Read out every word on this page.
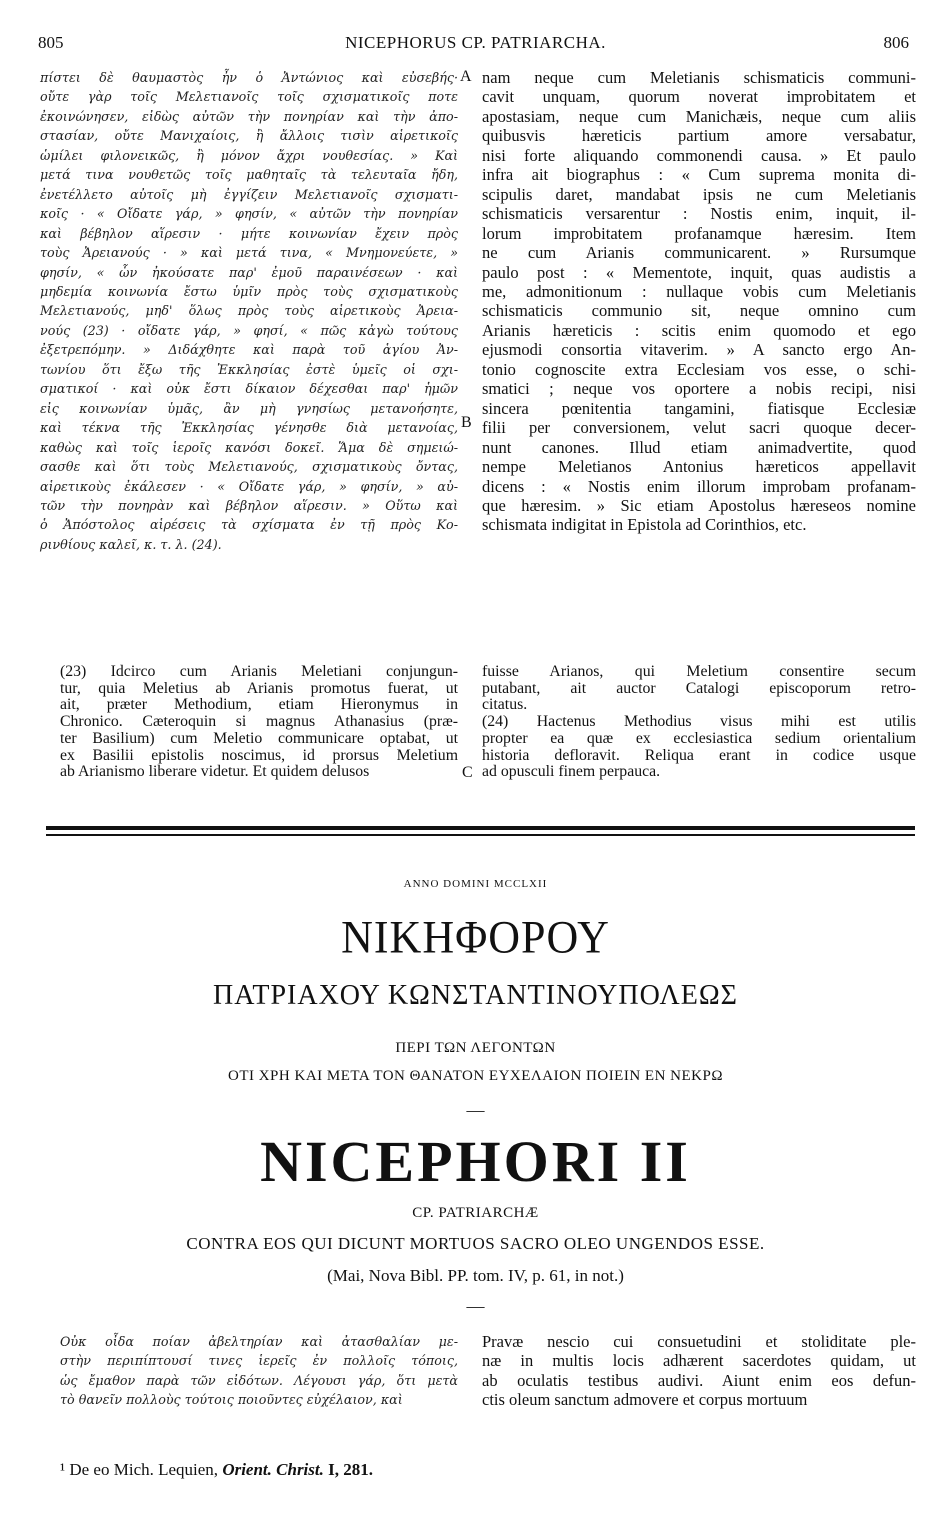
805	NICEPHORUS CP. PATRIARCHA.	806
πίστει δὲ θαυμαστὸς ἦν ὁ Ἀντώνιος καὶ εὐσεβής·
οὔτε γὰρ τοῖς Μελετιανοῖς τοῖς σχισματικοῖς ποτε
ἐκοινώνησεν, εἰδὼς αὐτῶν τὴν πονηρίαν καὶ τὴν ἀπο-
στασίαν, οὔτε Μανιχαίοις, ἢ ἄλλοις τισὶν αἱρετικοῖς
ὡμίλει φιλονεικῶς, ἢ μόνον ἄχρι νουθεσίας. » Καὶ
μετά τινα νουθετῶς τοῖς μαθηταῖς τὰ τελευταῖα ἤδη,
ἐνετέλλετο αὐτοῖς μὴ ἐγγίζειν Μελετιανοῖς σχισματι-
κοῖς · « Οἴδατε γάρ, » φησίν, « αὐτῶν τὴν πονηρίαν
καὶ βέβηλον αἵρεσιν · μήτε κοινωνίαν ἔχειν πρὸς
τοὺς Ἀρειανούς · » καὶ μετά τινα, « Μνημονεύετε, »
φησίν, « ὧν ἠκούσατε παρ' ἐμοῦ παραινέσεων · καὶ
μηδεμία κοινωνία ἔστω ὑμῖν πρὸς τοὺς σχισματικοὺς
Μελετιανούς, μηδ' ὅλως πρὸς τοὺς αἱρετικοὺς Ἀρεια-
νούς (23) · οἴδατε γάρ, » φησί, « πῶς κἀγὼ τούτους
ἐξετρεπόμην. » Διδάχθητε καὶ παρὰ τοῦ ἁγίου Ἀν-
τωνίου ὅτι ἔξω τῆς Ἐκκλησίας ἐστὲ ὑμεῖς οἱ σχι-
σματικοί · καὶ οὐκ ἔστι δίκαιον δέχεσθαι παρ' ἡμῶν
εἰς κοινωνίαν ὑμᾶς, ἂν μὴ γνησίως μετανοήσητε,
καὶ τέκνα τῆς Ἐκκλησίας γένησθε διὰ μετανοίας,
καθὼς καὶ τοῖς ἱεροῖς κανόσι δοκεῖ. Ἅμα δὲ σημειώ-
σασθε καὶ ὅτι τοὺς Μελετιανούς, σχισματικοὺς ὄντας,
αἱρετικοὺς ἐκάλεσεν · « Οἴδατε γάρ, » φησίν, » αὐ-
τῶν τὴν πονηρὰν καὶ βέβηλον αἵρεσιν. » Οὕτω καὶ
ὁ Ἀπόστολος αἱρέσεις τὰ σχίσματα ἐν τῇ πρὸς Κο-
ρινθίους καλεῖ, κ. τ. λ. (24).
nam neque cum Meletianis schismaticis communi-
cavit unquam, quorum noverat improbitatem et
apostasiam, neque cum Manichæis, neque cum aliis
quibusvis hæreticis partium amore versabatur,
nisi forte aliquando commonendi causa. » Et paulo
infra ait biographus : « Cum suprema monita di-
scipulis daret, mandabat ipsis ne cum Meletianis
schismaticis versarentur : Nostis enim, inquit, il-
lorum improbitatem profanamque hæresim. Item
ne cum Arianis communicarent. » Rursumque
paulo post : « Mementote, inquit, quas audistis a
me, admonitionum : nullaque vobis cum Meletianis
schismaticis communio sit, neque omnino cum
Arianis hæreticis : scitis enim quomodo et ego
ejusmodi consortia vitaverim. » A sancto ergo An-
tonio cognoscite extra Ecclesiam vos esse, o schi-
smatici ; neque vos oportere a nobis recipi, nisi
sincera pœnitentia tangamini, fiatisque Ecclesiæ
filii per conversionem, velut sacri quoque decer-
nunt canones. Illud etiam animadvertite, quod
nempe Meletianos Antonius hæreticos appellavit
dicens : « Nostis enim illorum improbam profanam-
que hæresim. » Sic etiam Apostolus hæreseos nomine
schismata indigitat in Epistola ad Corinthios, etc.
A
B
(23) Idcirco cum Arianis Meletiani conjungun-
tur, quia Meletius ab Arianis promotus fuerat, ut
ait, præter Methodium, etiam Hieronymus in
Chronico. Cæteroquin si magnus Athanasius (præ-
ter Basilium) cum Meletio communicare optabat, ut
ex Basilii epistolis noscimus, id prorsus Meletium
ab Arianismo liberare videtur. Et quidem delusos
fuisse Arianos, qui Meletium consentire secum
putabant, ait auctor Catalogi episcoporum retro-
citatus.
(24) Hactenus Methodius visus mihi est utilis
propter ea quæ ex ecclesiastica sedium orientalium
historia defloravit. Reliqua erant in codice usque
ad opusculi finem perpauca.
C
ANNO DOMINI MCCLXII
ΝΙΚΗΦΟΡΟΥ
ΠΑΤΡΙΑΧΟΥ ΚΩΝΣΤΑΝΤΙΝΟΥΠΟΛΕΩΣ
ΠΕΡΙ ΤΩΝ ΛΕΓΟΝΤΩΝ
ΟΤΙ ΧΡΗ ΚΑΙ ΜΕΤΑ ΤΟΝ ΘΑΝΑΤΟΝ ΕΥΧΕΛΑΙΟΝ ΠΟΙΕΙΝ ΕΝ ΝΕΚΡΩ
—
NICEPHORI II
CP. PATRIARCHÆ
CONTRA EOS QUI DICUNT MORTUOS SACRO OLEO UNGENDOS ESSE.
(Mai, Nova Bibl. PP. tom. IV, p. 61, in not.)
—
Οὐκ οἶδα ποίαν ἀβελτηρίαν καὶ ἀτασθαλίαν με-
στὴν περιπίπτουσί τινες ἱερεῖς ἐν πολλοῖς τόποις,
ὡς ἔμαθον παρὰ τῶν εἰδότων. Λέγουσι γάρ, ὅτι μετὰ
τὸ θανεῖν πολλοὺς τούτοις ποιοῦντες εὐχέλαιον, καὶ
Pravæ nescio cui consuetudini et stoliditate ple-
næ in multis locis adhærent sacerdotes quidam, ut
ab oculatis testibus audivi. Aiunt enim eos defun-
ctis oleum sanctum admovere et corpus mortuum
¹ De eo Mich. Lequien, Orient. Christ. I, 281.
